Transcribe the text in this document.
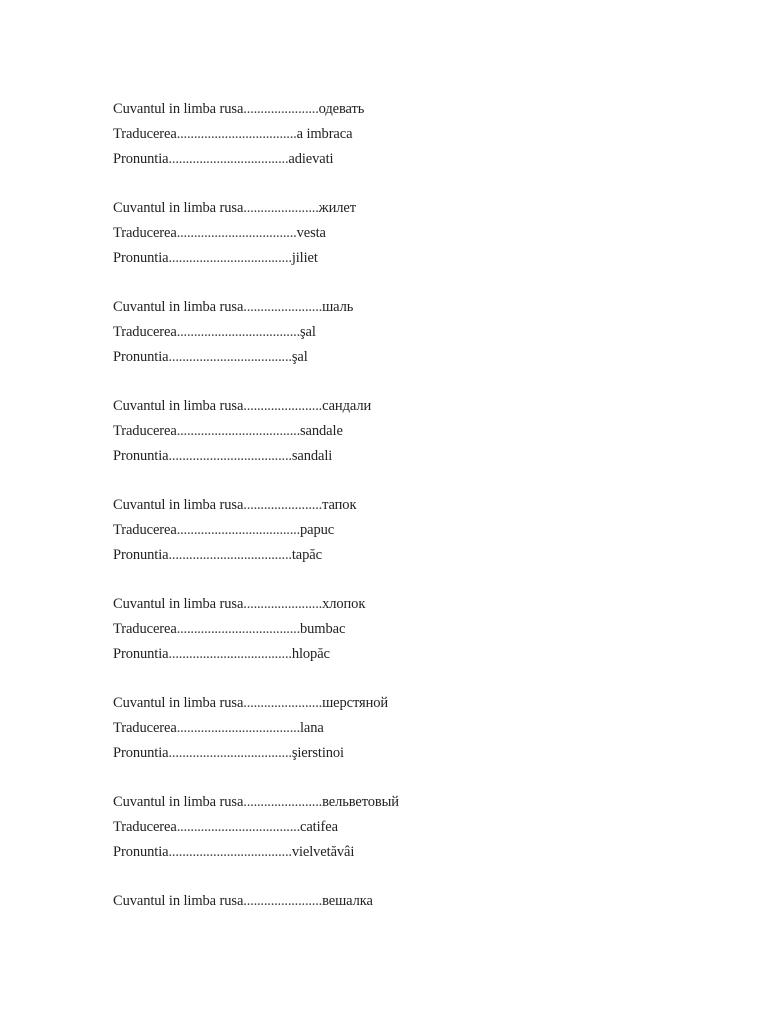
Cuvantul in limba rusa......................одевать
Traducerea...................................a imbraca
Pronuntia...................................adievati
Cuvantul in limba rusa......................жилет
Traducerea...................................vesta
Pronuntia....................................jiliet
Cuvantul in limba rusa.......................шаль
Traducerea....................................şal
Pronuntia....................................şal
Cuvantul in limba rusa.......................сандали
Traducerea....................................sandale
Pronuntia....................................sandali
Cuvantul in limba rusa.......................тапок
Traducerea....................................papuc
Pronuntia....................................tapăc
Cuvantul in limba rusa.......................хлопок
Traducerea....................................bumbac
Pronuntia....................................hlopăc
Cuvantul in limba rusa.......................шерстяной
Traducerea....................................lana
Pronuntia....................................şierstinoi
Cuvantul in limba rusa.......................вельветовый
Traducerea....................................catifea
Pronuntia....................................vielvetăvâi
Cuvantul in limba rusa.......................вешалка
